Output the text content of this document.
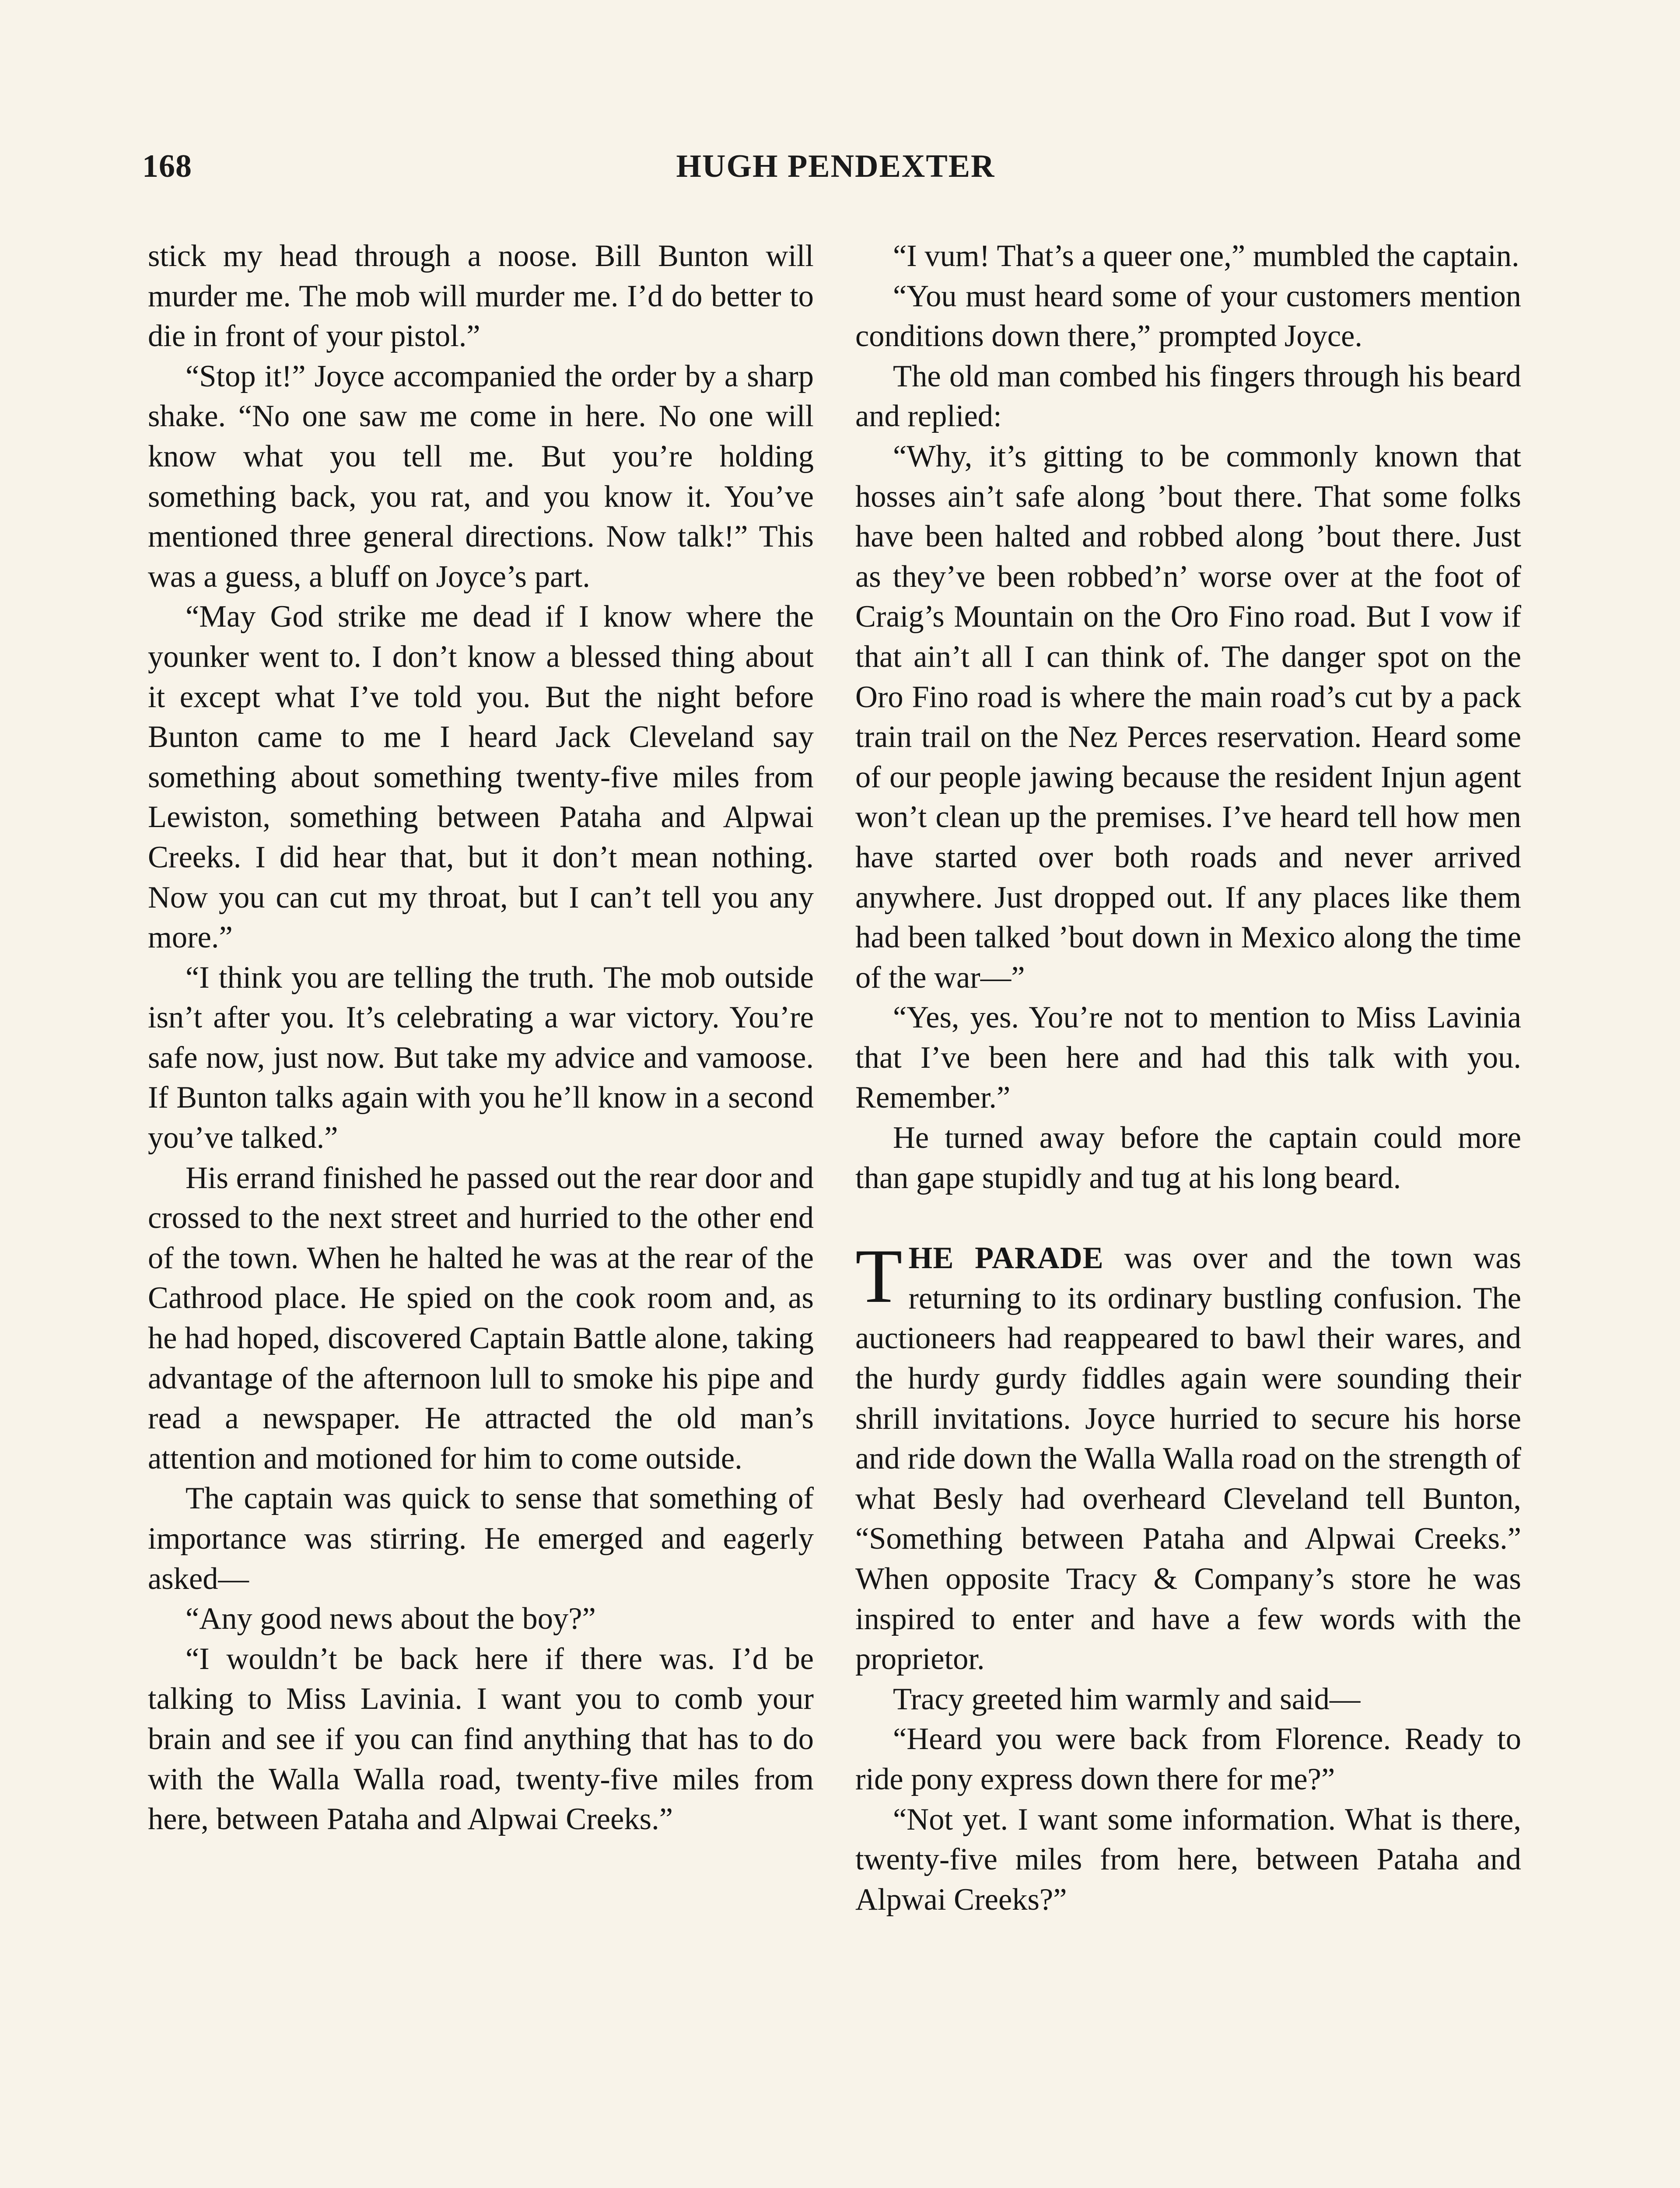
168	HUGH PENDEXTER

stick my head through a noose. Bill Bunton will murder me. The mob will murder me. I’d do better to die in front of your pistol.”

“Stop it!” Joyce accompanied the order by a sharp shake. “No one saw me come in here. No one will know what you tell me. But you’re holding something back, you rat, and you know it. You’ve mentioned three general directions. Now talk!” This was a guess, a bluff on Joyce’s part.

“May God strike me dead if I know where the younker went to. I don’t know a blessed thing about it except what I’ve told you. But the night before Bunton came to me I heard Jack Cleveland say something about something twenty-five miles from Lewiston, something between Pataha and Alpwai Creeks. I did hear that, but it don’t mean nothing. Now you can cut my throat, but I can’t tell you any more.”

“I think you are telling the truth. The mob outside isn’t after you. It’s celebrating a war victory. You’re safe now, just now. But take my advice and vamoose. If Bunton talks again with you he’ll know in a second you’ve talked.”

His errand finished he passed out the rear door and crossed to the next street and hurried to the other end of the town. When he halted he was at the rear of the Cathrood place. He spied on the cook room and, as he had hoped, discovered Captain Battle alone, taking advantage of the afternoon lull to smoke his pipe and read a newspaper. He attracted the old man’s attention and motioned for him to come outside.

The captain was quick to sense that something of importance was stirring. He emerged and eagerly asked—

“Any good news about the boy?”

“I wouldn’t be back here if there was. I’d be talking to Miss Lavinia. I want you to comb your brain and see if you can find anything that has to do with the Walla Walla road, twenty-five miles from here, between Pataha and Alpwai Creeks.”

“I vum! That’s a queer one,” mumbled the captain.

“You must heard some of your customers mention conditions down there,” prompted Joyce.

The old man combed his fingers through his beard and replied:

“Why, it’s gitting to be commonly known that hosses ain’t safe along ’bout there. That some folks have been halted and robbed along ’bout there. Just as they’ve been robbed’n’ worse over at the foot of Craig’s Mountain on the Oro Fino road. But I vow if that ain’t all I can think of. The danger spot on the Oro Fino road is where the main road’s cut by a pack train trail on the Nez Perces reservation. Heard some of our people jawing because the resident Injun agent won’t clean up the premises. I’ve heard tell how men have started over both roads and never arrived anywhere. Just dropped out. If any places like them had been talked ’bout down in Mexico along the time of the war—”

“Yes, yes. You’re not to mention to Miss Lavinia that I’ve been here and had this talk with you. Remember.”

He turned away before the captain could more than gape stupidly and tug at his long beard.

THE PARADE was over and the town was returning to its ordinary bustling confusion. The auctioneers had reappeared to bawl their wares, and the hurdy gurdy fiddles again were sounding their shrill invitations. Joyce hurried to secure his horse and ride down the Walla Walla road on the strength of what Besly had overheard Cleveland tell Bunton, “Something between Pataha and Alpwai Creeks.” When opposite Tracy & Company’s store he was inspired to enter and have a few words with the proprietor.

Tracy greeted him warmly and said—

“Heard you were back from Florence. Ready to ride pony express down there for me?”

“Not yet. I want some information. What is there, twenty-five miles from here, between Pataha and Alpwai Creeks?”
